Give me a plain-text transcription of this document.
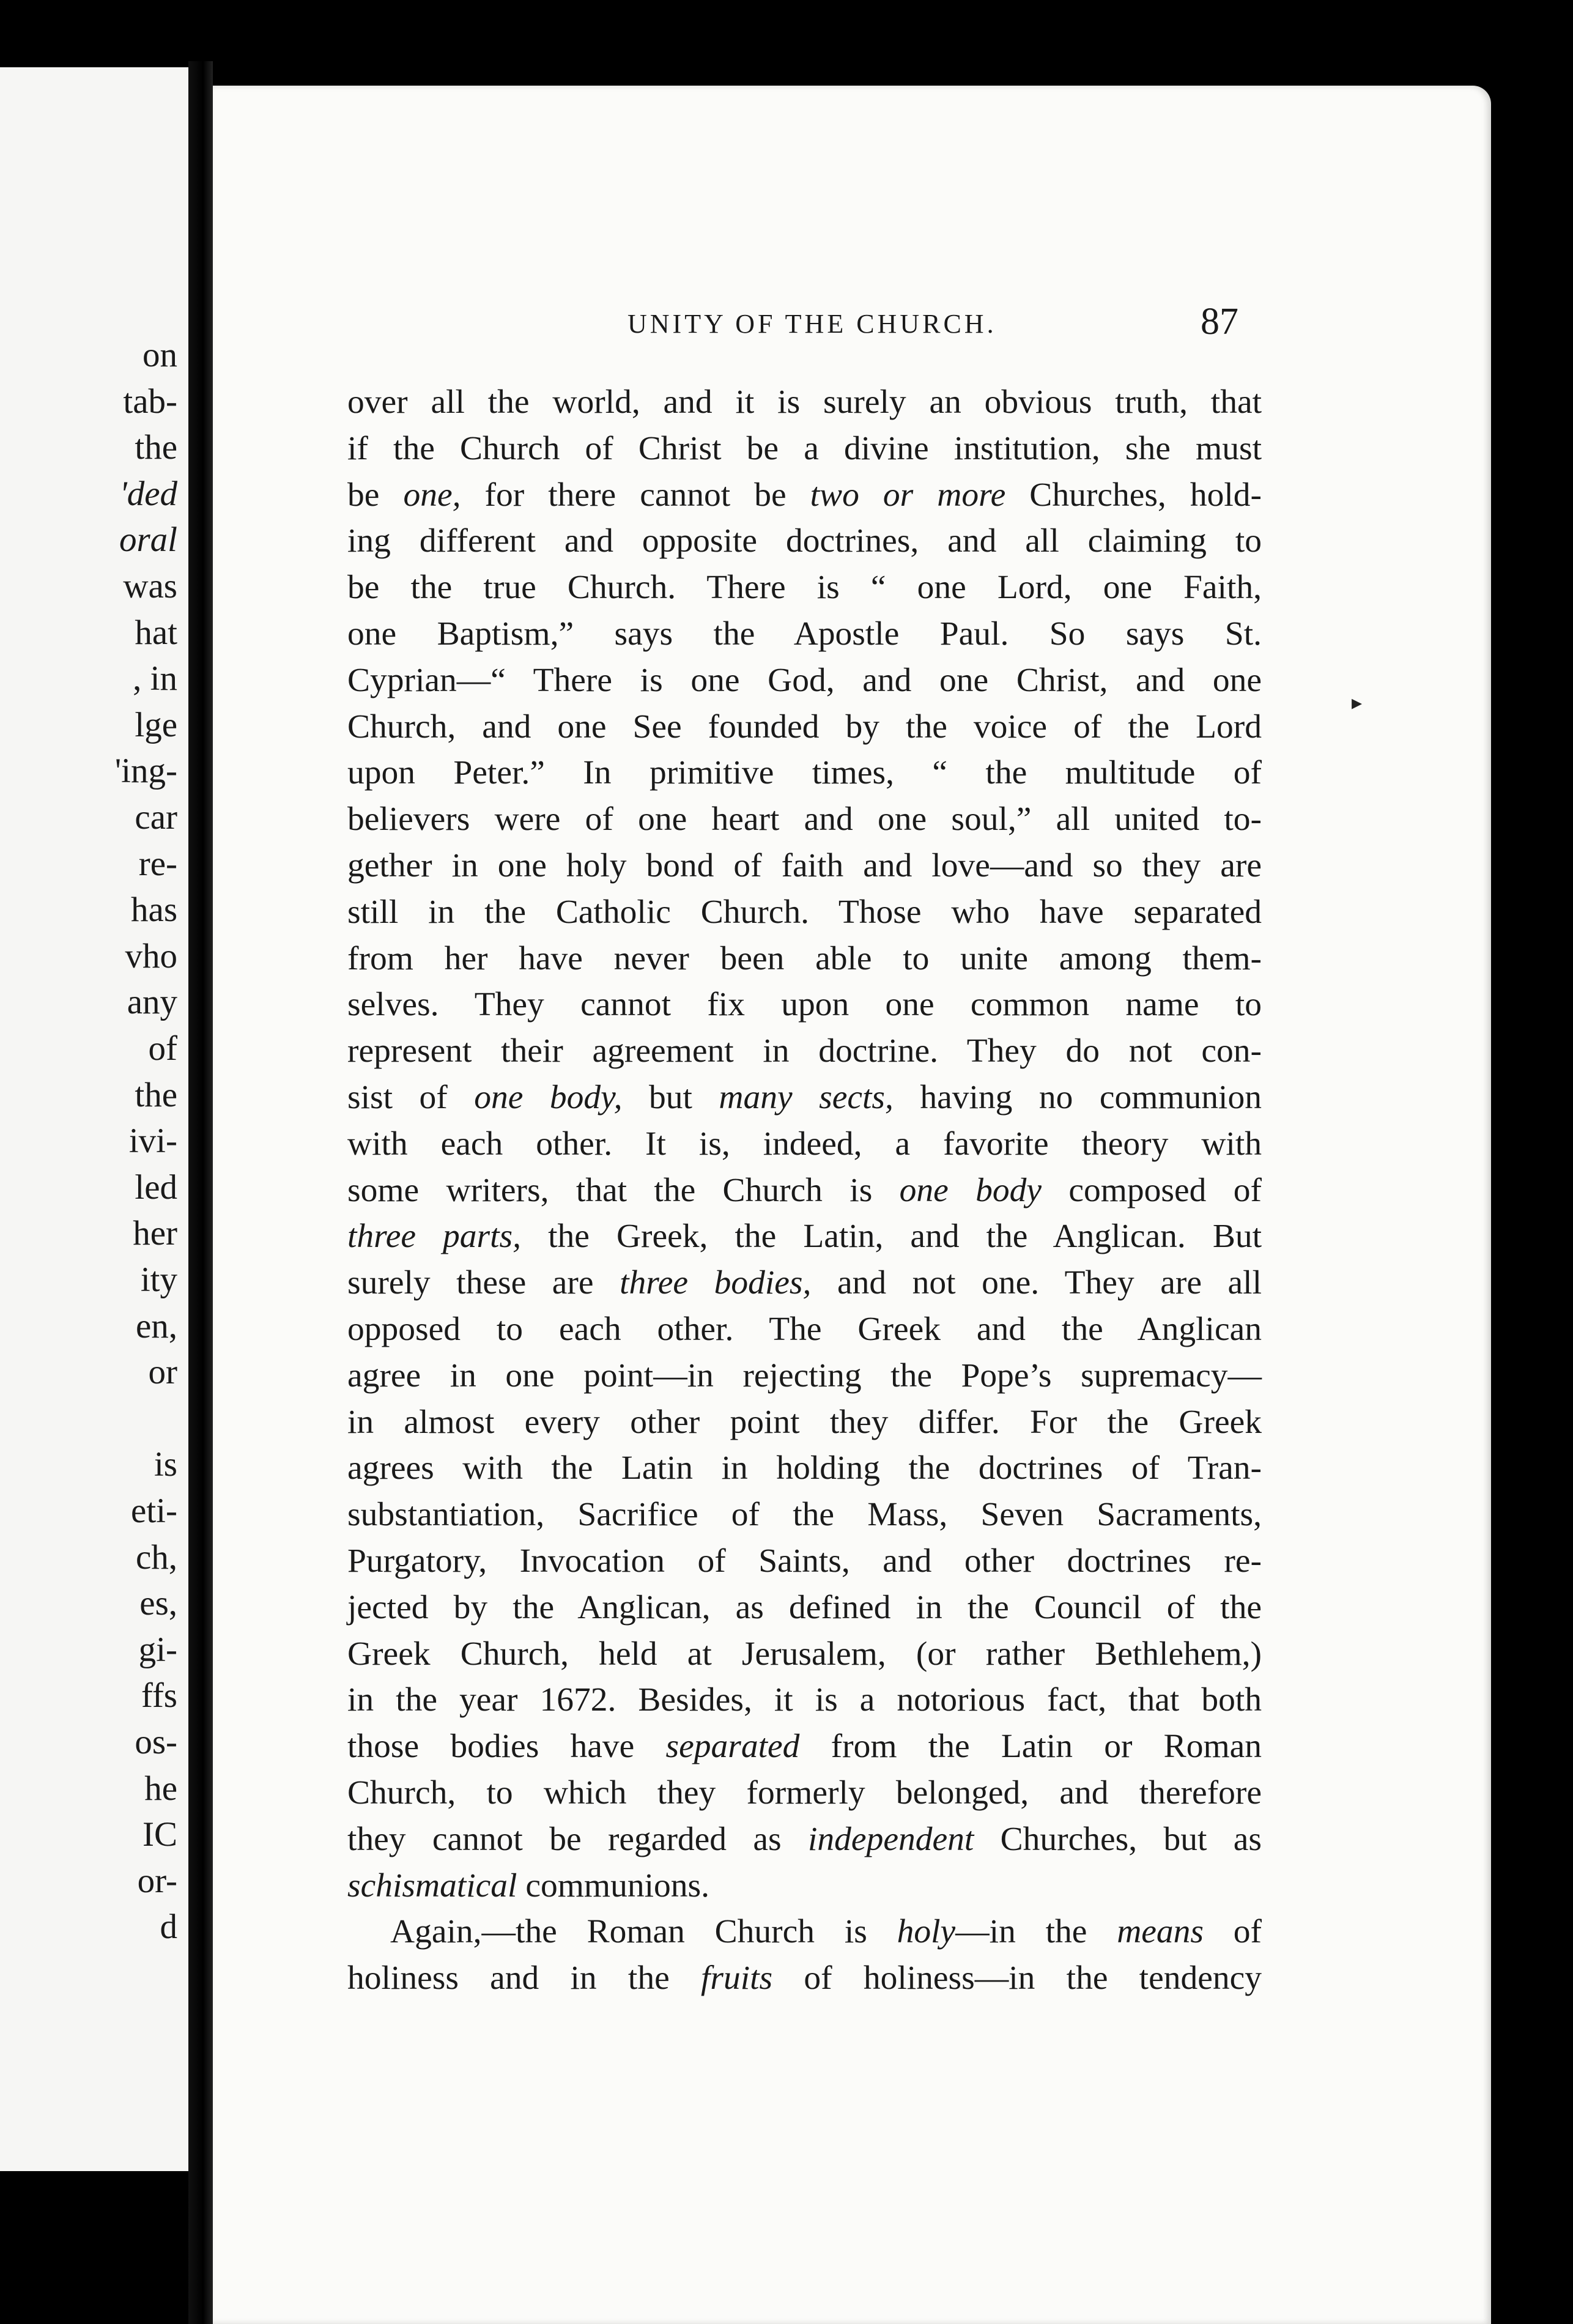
on
tab-
the
'ded
oral
was
hat
, in
lge
'ing-
car
re-
has
vho
any
of
the
ivi-
led
her
ity
en,
or
is
eti-
ch,
es,
gi-
ffs
os-
he
IC
or-
d
UNITY OF THE CHURCH.	87
over all the world, and it is surely an obvious truth, that
if the Church of Christ be a divine institution, she must
be one, for there cannot be two or more Churches, hold-
ing different and opposite doctrines, and all claiming to
be the true Church. There is “ one Lord, one Faith,
one Baptism,” says the Apostle Paul. So says St.
Cyprian—“ There is one God, and one Christ, and one
Church, and one See founded by the voice of the Lord
upon Peter.” In primitive times, “ the multitude of
believers were of one heart and one soul,” all united to-
gether in one holy bond of faith and love—and so they are
still in the Catholic Church. Those who have separated
from her have never been able to unite among them-
selves. They cannot fix upon one common name to
represent their agreement in doctrine. They do not con-
sist of one body, but many sects, having no communion
with each other. It is, indeed, a favorite theory with
some writers, that the Church is one body composed of
three parts, the Greek, the Latin, and the Anglican. But
surely these are three bodies, and not one. They are all
opposed to each other. The Greek and the Anglican
agree in one point—in rejecting the Pope’s supremacy—
in almost every other point they differ. For the Greek
agrees with the Latin in holding the doctrines of Tran-
substantiation, Sacrifice of the Mass, Seven Sacraments,
Purgatory, Invocation of Saints, and other doctrines re-
jected by the Anglican, as defined in the Council of the
Greek Church, held at Jerusalem, (or rather Bethlehem,)
in the year 1672. Besides, it is a notorious fact, that both
those bodies have separated from the Latin or Roman
Church, to which they formerly belonged, and therefore
they cannot be regarded as independent Churches, but as
schismatical communions.
Again,—the Roman Church is holy—in the means of
holiness and in the fruits of holiness—in the tendency
▸
